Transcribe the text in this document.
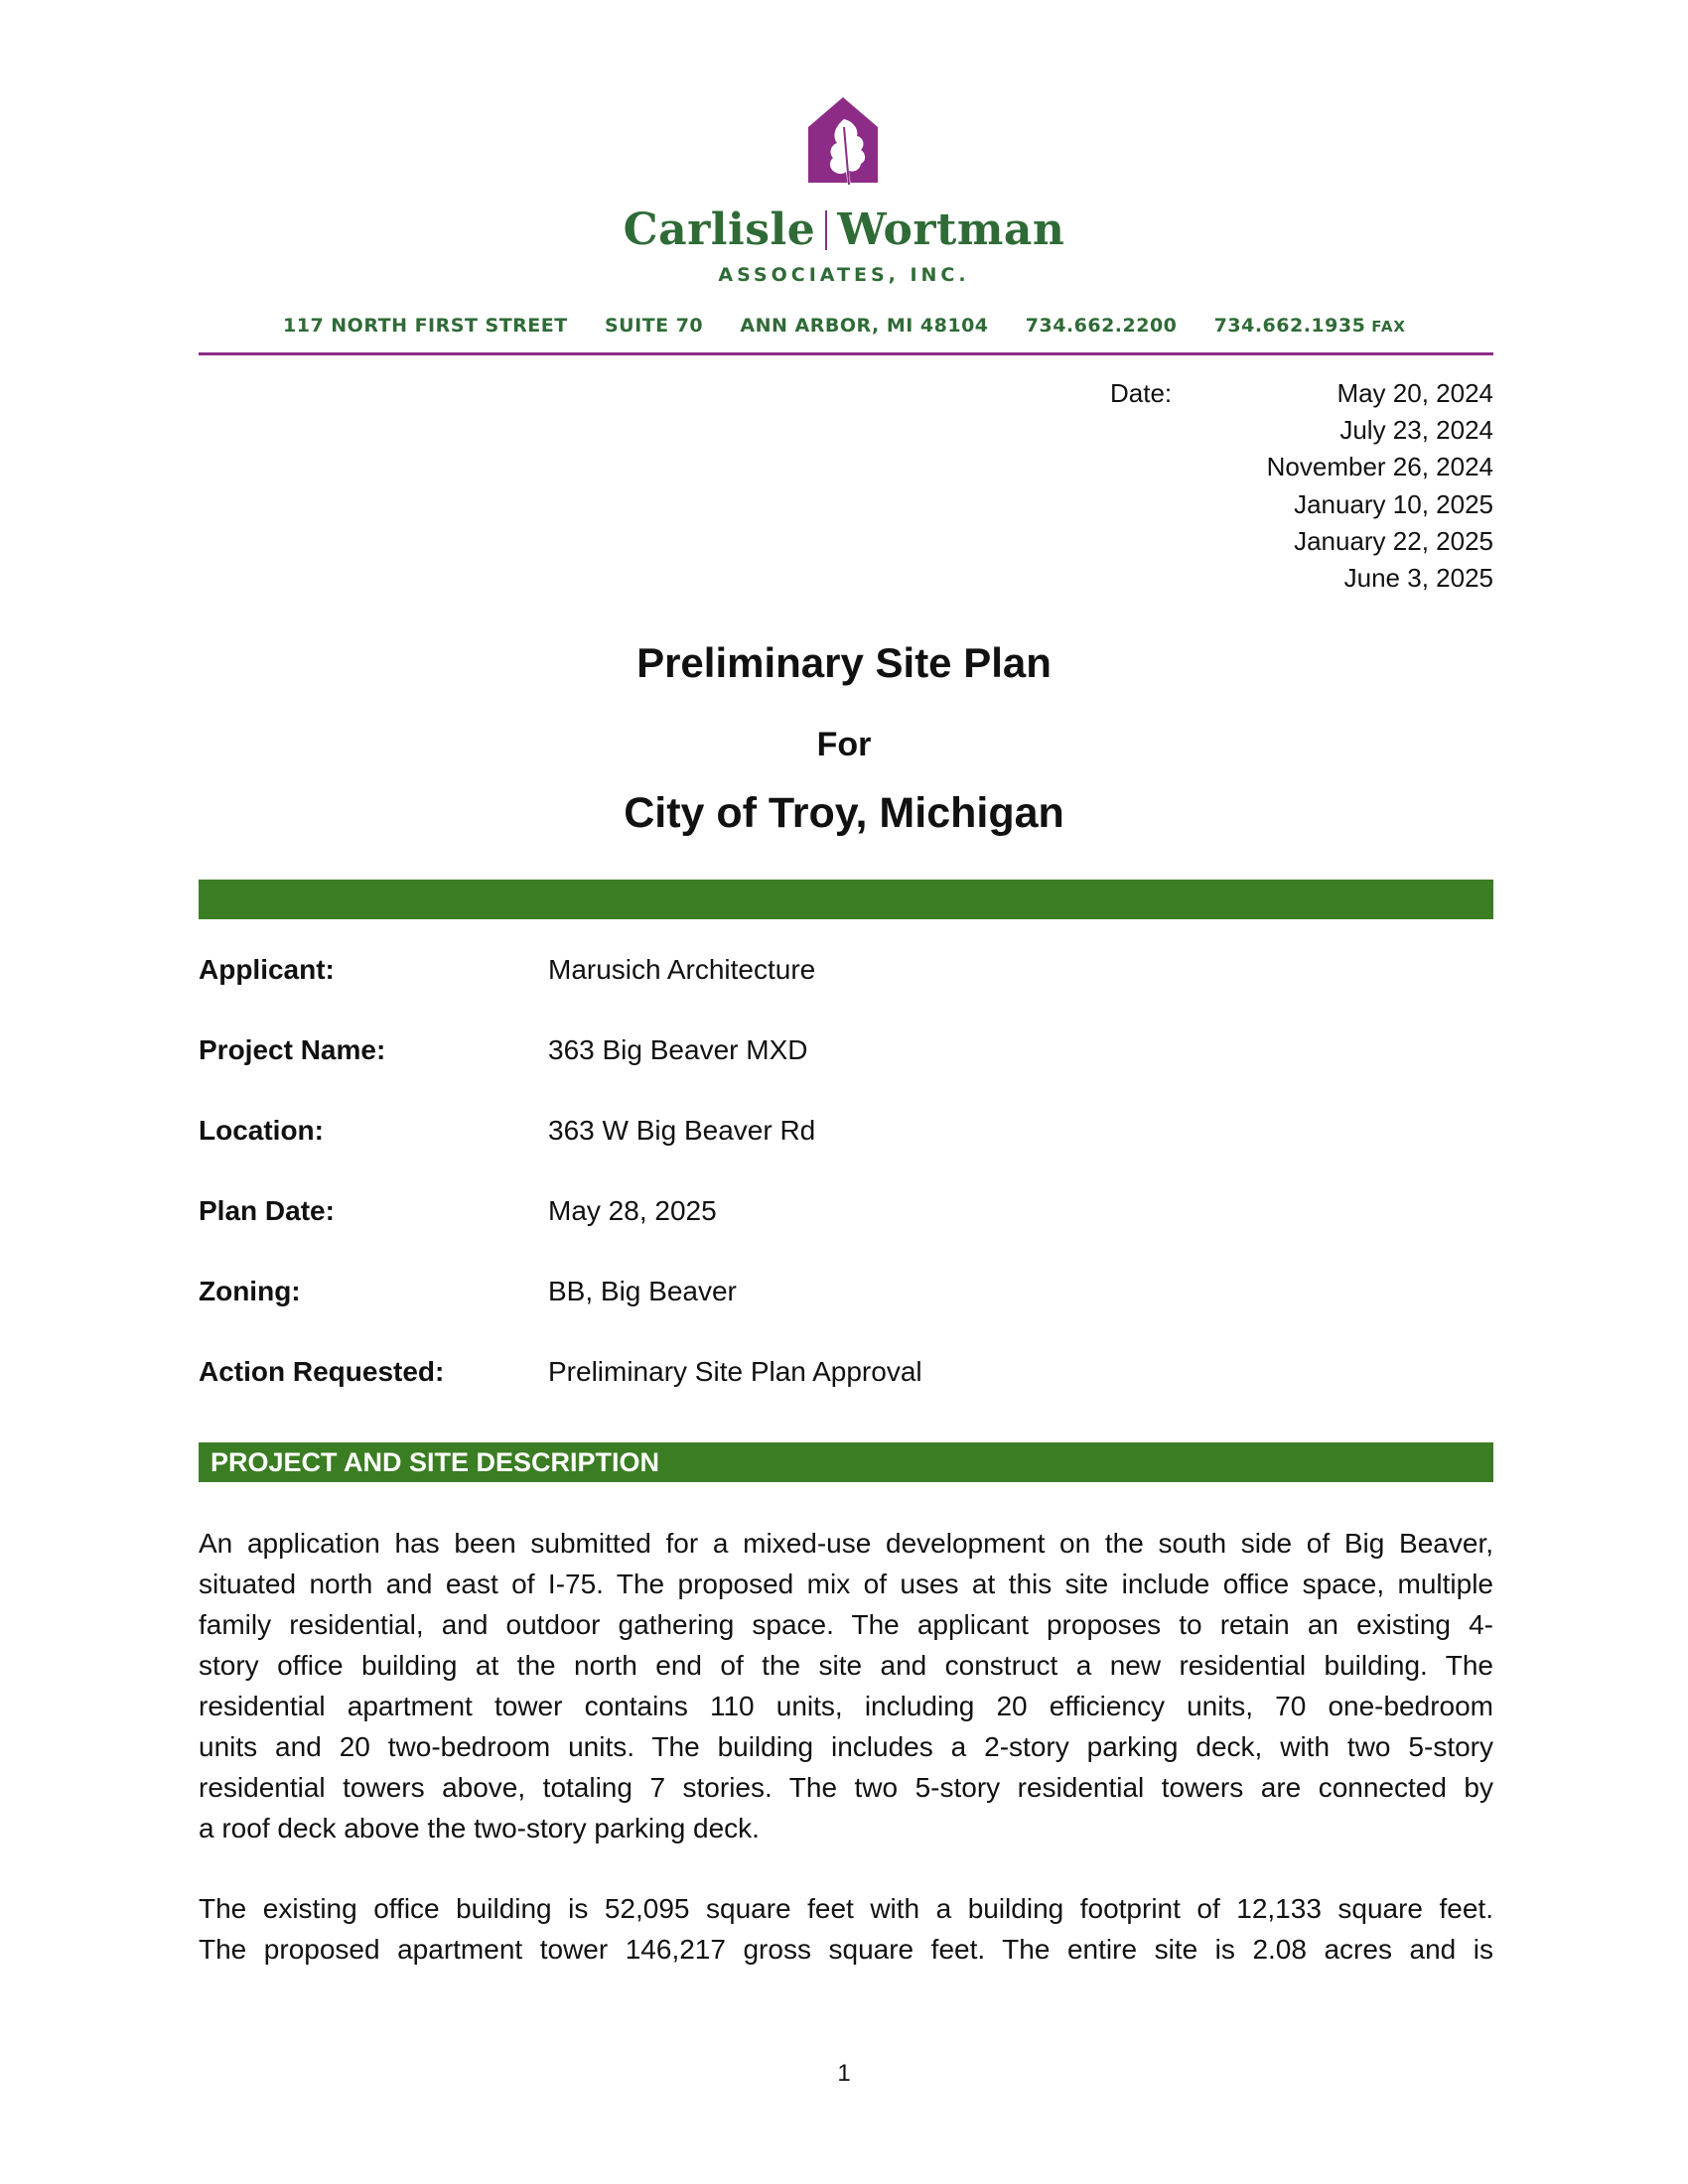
Carlisle Wortman
ASSOCIATES, INC.
117 NORTH FIRST STREET SUITE 70 ANN ARBOR, MI 48104 734.662.2200 734.662.1935 FAX
Date:	May 20, 2024
July 23, 2024
November 26, 2024
January 10, 2025
January 22, 2025
June 3, 2025
Preliminary Site Plan
For
City of Troy, Michigan
Applicant:	Marusich Architecture
Project Name:	363 Big Beaver MXD
Location:	363 W Big Beaver Rd
Plan Date:	May 28, 2025
Zoning:	BB, Big Beaver
Action Requested:	Preliminary Site Plan Approval
PROJECT AND SITE DESCRIPTION
An application has been submitted for a mixed-use development on the south side of Big Beaver,
situated north and east of I-75. The proposed mix of uses at this site include office space, multiple
family residential, and outdoor gathering space. The applicant proposes to retain an existing 4-
story office building at the north end of the site and construct a new residential building. The
residential apartment tower contains 110 units, including 20 efficiency units, 70 one-bedroom
units and 20 two-bedroom units. The building includes a 2-story parking deck, with two 5-story
residential towers above, totaling 7 stories. The two 5-story residential towers are connected by
a roof deck above the two-story parking deck.
The existing office building is 52,095 square feet with a building footprint of 12,133 square feet.
The proposed apartment tower 146,217 gross square feet. The entire site is 2.08 acres and is
1
